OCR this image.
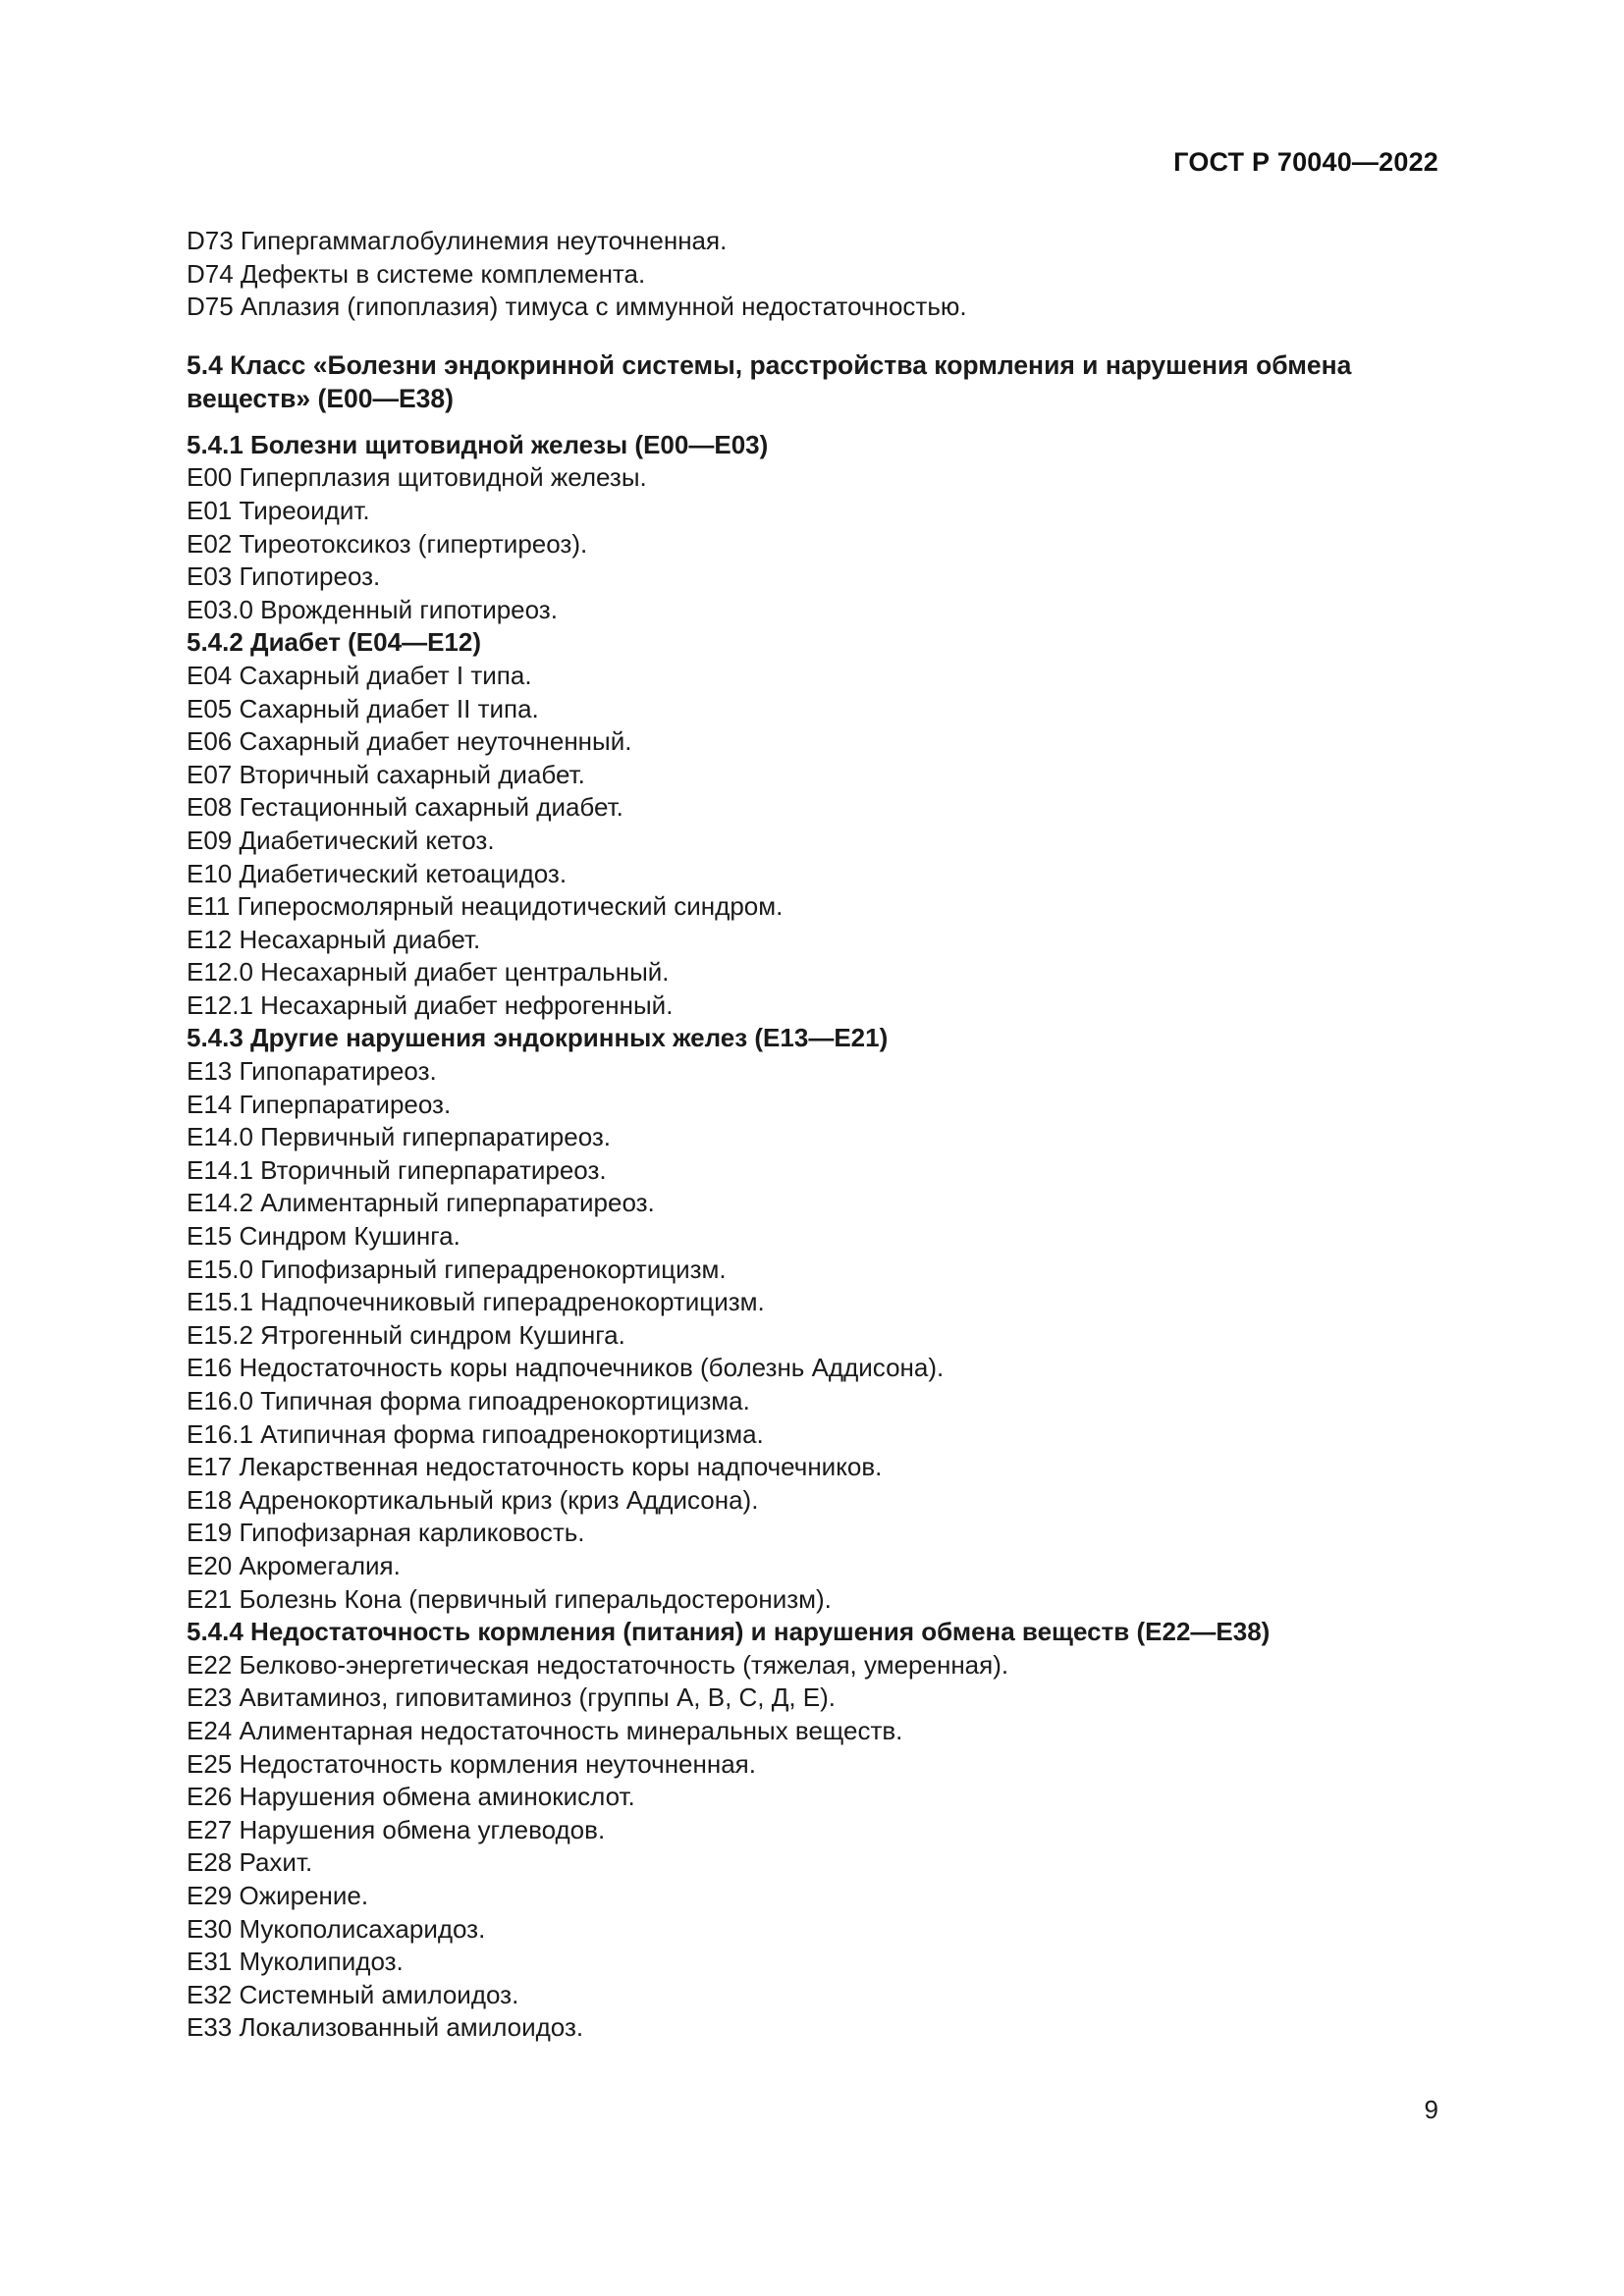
ГОСТ Р 70040—2022
D73 Гипергаммаглобулинемия неуточненная.
D74 Дефекты в системе комплемента.
D75 Аплазия (гипоплазия) тимуса с иммунной недостаточностью.
5.4 Класс «Болезни эндокринной системы, расстройства кормления и нарушения обмена веществ» (E00—E38)
5.4.1 Болезни щитовидной железы (E00—E03)
E00 Гиперплазия щитовидной железы.
E01 Тиреоидит.
E02 Тиреотоксикоз (гипертиреоз).
E03 Гипотиреоз.
E03.0 Врожденный гипотиреоз.
5.4.2 Диабет (E04—E12)
E04 Сахарный диабет I типа.
E05 Сахарный диабет II типа.
E06 Сахарный диабет неуточненный.
E07 Вторичный сахарный диабет.
E08 Гестационный сахарный диабет.
E09 Диабетический кетоз.
E10 Диабетический кетоацидоз.
E11 Гиперосмолярный неацидотический синдром.
E12 Несахарный диабет.
E12.0 Несахарный диабет центральный.
E12.1 Несахарный диабет нефрогенный.
5.4.3 Другие нарушения эндокринных желез (E13—E21)
E13 Гипопаратиреоз.
E14 Гиперпаратиреоз.
E14.0 Первичный гиперпаратиреоз.
E14.1 Вторичный гиперпаратиреоз.
E14.2 Алиментарный гиперпаратиреоз.
E15 Синдром Кушинга.
E15.0 Гипофизарный гиперадренокортицизм.
E15.1 Надпочечниковый гиперадренокортицизм.
E15.2 Ятрогенный синдром Кушинга.
E16 Недостаточность коры надпочечников (болезнь Аддисона).
E16.0 Типичная форма гипоадренокортицизма.
E16.1 Атипичная форма гипоадренокортицизма.
E17 Лекарственная недостаточность коры надпочечников.
E18 Адренокортикальный криз (криз Аддисона).
E19 Гипофизарная карликовость.
E20 Акромегалия.
E21 Болезнь Кона (первичный гиперальдостеронизм).
5.4.4 Недостаточность кормления (питания) и нарушения обмена веществ (E22—E38)
E22 Белково-энергетическая недостаточность (тяжелая, умеренная).
E23 Авитаминоз, гиповитаминоз (группы А, В, С, Д, Е).
E24 Алиментарная недостаточность минеральных веществ.
E25 Недостаточность кормления неуточненная.
E26 Нарушения обмена аминокислот.
E27 Нарушения обмена углеводов.
E28 Рахит.
E29 Ожирение.
E30 Мукополисахаридоз.
E31 Муколипидоз.
E32 Системный амилоидоз.
E33 Локализованный амилоидоз.
9
